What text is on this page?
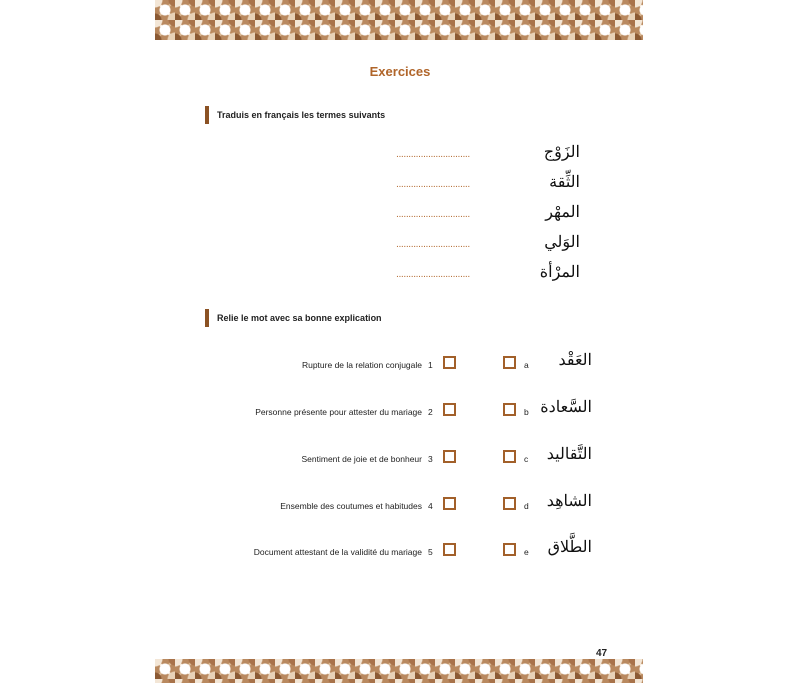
Exercices
Traduis en français les termes suivants
..............................	الزَوْج
..............................	الثِّقة
..............................	المهْر
..............................	الوَلي
..............................	المرْأة
Relie le mot avec sa bonne explication
Rupture de la relation conjugale 1	a	العَقْد
Personne présente pour attester du mariage 2	b السَّعادة
Sentiment de joie et de bonheur 3	c	التَّقاليد
Ensemble des coutumes et habitudes 4	d	الشاهِد
Document attestant de la validité du mariage 5	e	الطَّلاق
47
